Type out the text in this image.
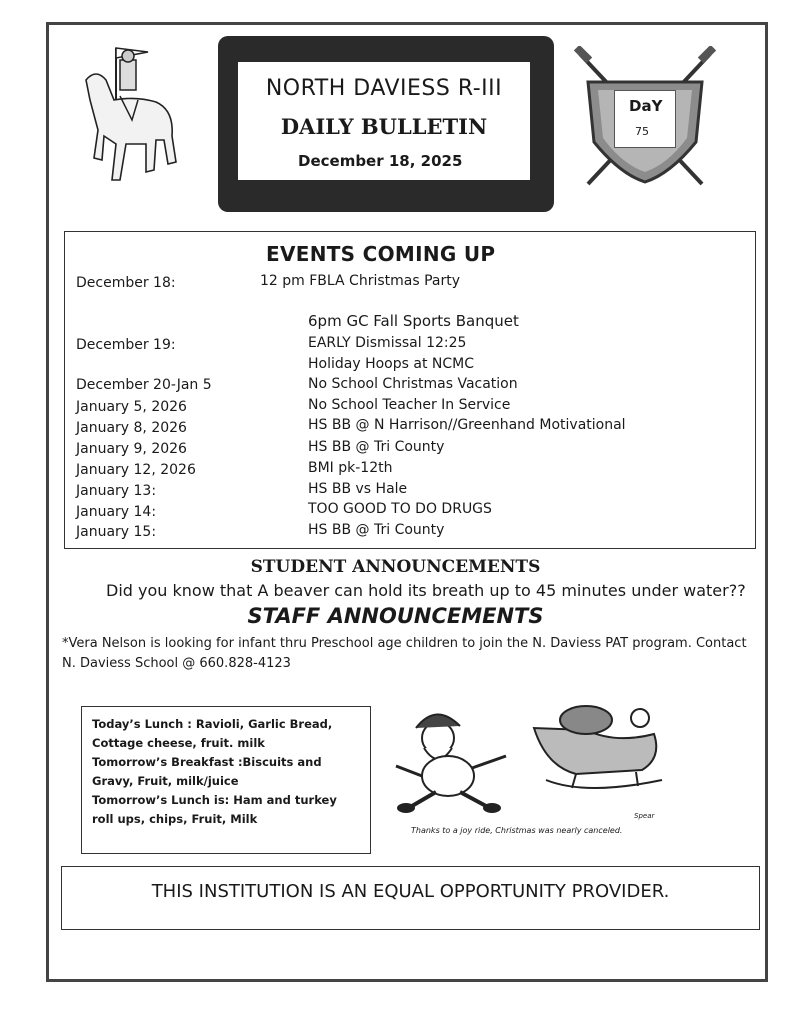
NORTH DAVIESS R-III
DAILY BULLETIN
December 18, 2025
DaY
75
EVENTS COMING UP
December 18:	12 pm FBLA Christmas Party
6pm GC Fall Sports Banquet
December 19:	EARLY Dismissal 12:25
Holiday Hoops at NCMC
December 20-Jan 5	No School Christmas Vacation
January 5, 2026	No School Teacher In Service
January 8, 2026	HS BB @ N Harrison//Greenhand Motivational
January 9, 2026	HS BB @ Tri County
January 12, 2026	BMI pk-12th
January 13:	HS BB vs Hale
January 14:	TOO GOOD TO DO DRUGS
January 15:	HS BB @ Tri County
STUDENT ANNOUNCEMENTS
Did you know that A beaver can hold its breath up to 45 minutes under water??
STAFF ANNOUNCEMENTS
*Vera Nelson is looking for infant thru Preschool age children to join the N. Daviess PAT program. Contact N. Daviess School @ 660.828-4123
Today’s Lunch : Ravioli, Garlic Bread, Cottage cheese, fruit. milk
Tomorrow’s Breakfast :Biscuits and Gravy, Fruit, milk/juice
Tomorrow’s Lunch is: Ham and turkey roll ups, chips, Fruit, Milk	Spear
Thanks to a joy ride, Christmas was nearly canceled.
THIS INSTITUTION IS AN EQUAL OPPORTUNITY PROVIDER.
